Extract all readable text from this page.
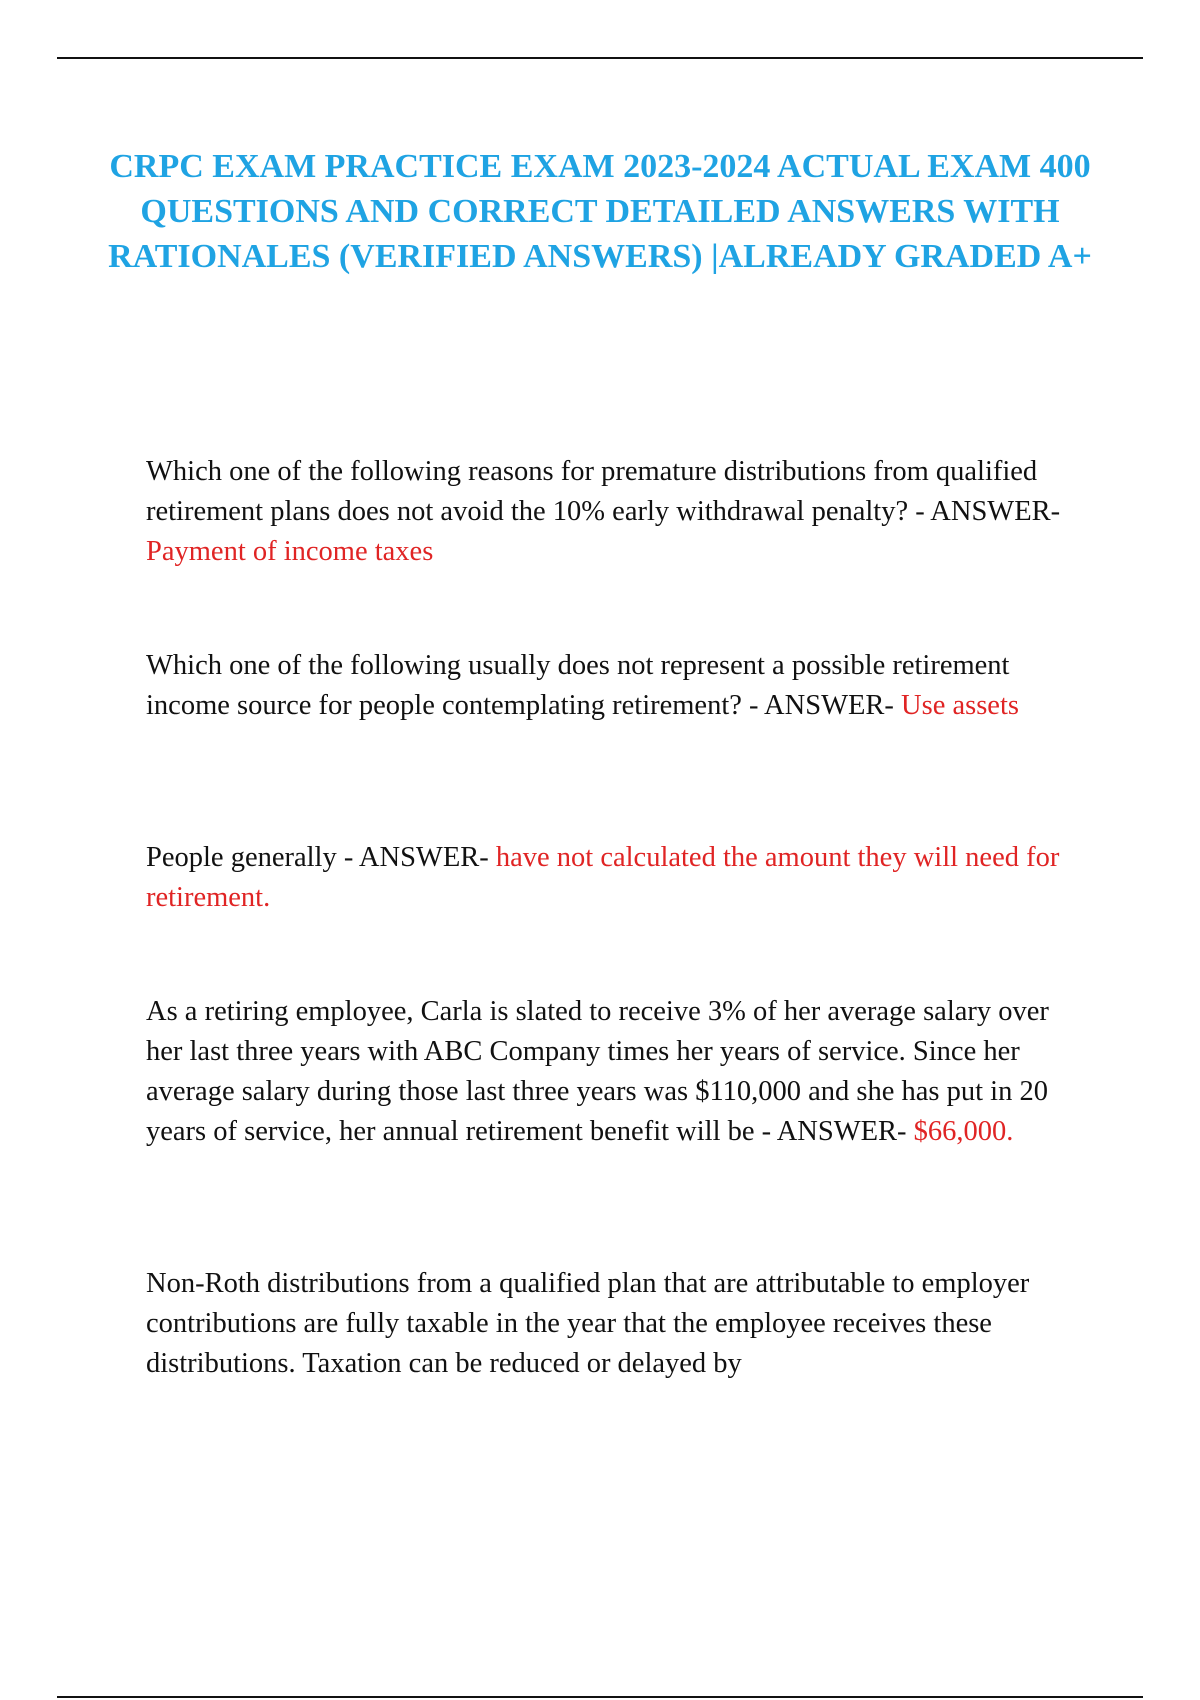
CRPC EXAM PRACTICE EXAM 2023-2024 ACTUAL EXAM 400 QUESTIONS AND CORRECT DETAILED ANSWERS WITH RATIONALES (VERIFIED ANSWERS) |ALREADY GRADED A+

Which one of the following reasons for premature distributions from qualified retirement plans does not avoid the 10% early withdrawal penalty? - ANSWER- Payment of income taxes

Which one of the following usually does not represent a possible retirement income source for people contemplating retirement? - ANSWER- Use assets

People generally - ANSWER- have not calculated the amount they will need for retirement.

As a retiring employee, Carla is slated to receive 3% of her average salary over her last three years with ABC Company times her years of service. Since her average salary during those last three years was $110,000 and she has put in 20 years of service, her annual retirement benefit will be - ANSWER- $66,000.

Non-Roth distributions from a qualified plan that are attributable to employer contributions are fully taxable in the year that the employee receives these distributions. Taxation can be reduced or delayed by
